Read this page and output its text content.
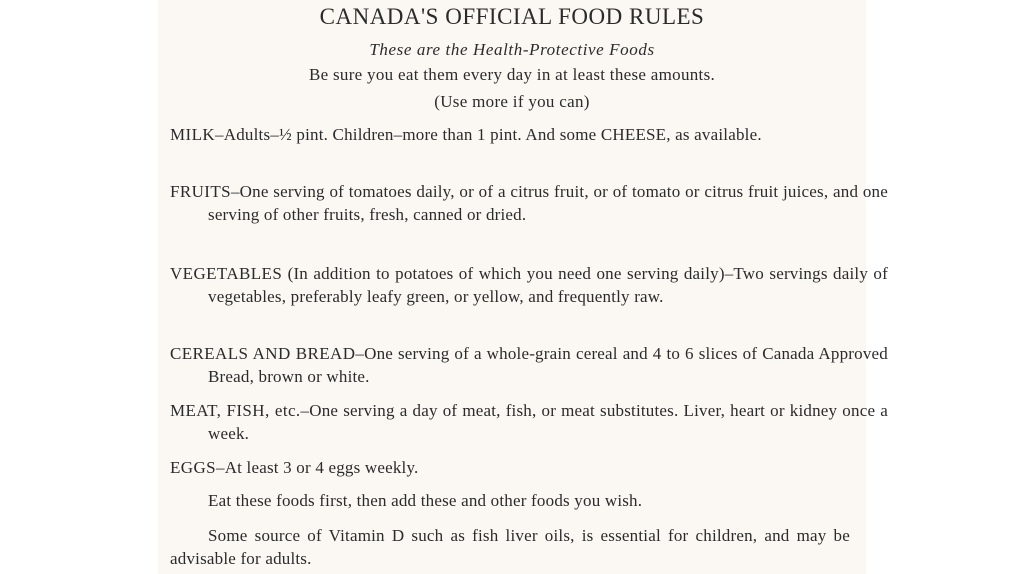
CANADA'S OFFICIAL FOOD RULES
These are the Health-Protective Foods
Be sure you eat them every day in at least these amounts.
(Use more if you can)
MILK–Adults–½ pint. Children–more than 1 pint. And some CHEESE, as available.
FRUITS–One serving of tomatoes daily, or of a citrus fruit, or of tomato or citrus fruit juices, and one serving of other fruits, fresh, canned or dried.
VEGETABLES (In addition to potatoes of which you need one serving daily)–Two servings daily of vegetables, preferably leafy green, or yellow, and frequently raw.
CEREALS AND BREAD–One serving of a whole-grain cereal and 4 to 6 slices of Canada Approved Bread, brown or white.
MEAT, FISH, etc.–One serving a day of meat, fish, or meat substitutes. Liver, heart or kidney once a week.
EGGS–At least 3 or 4 eggs weekly.
Eat these foods first, then add these and other foods you wish.
Some source of Vitamin D such as fish liver oils, is essential for children, and may be advisable for adults.
